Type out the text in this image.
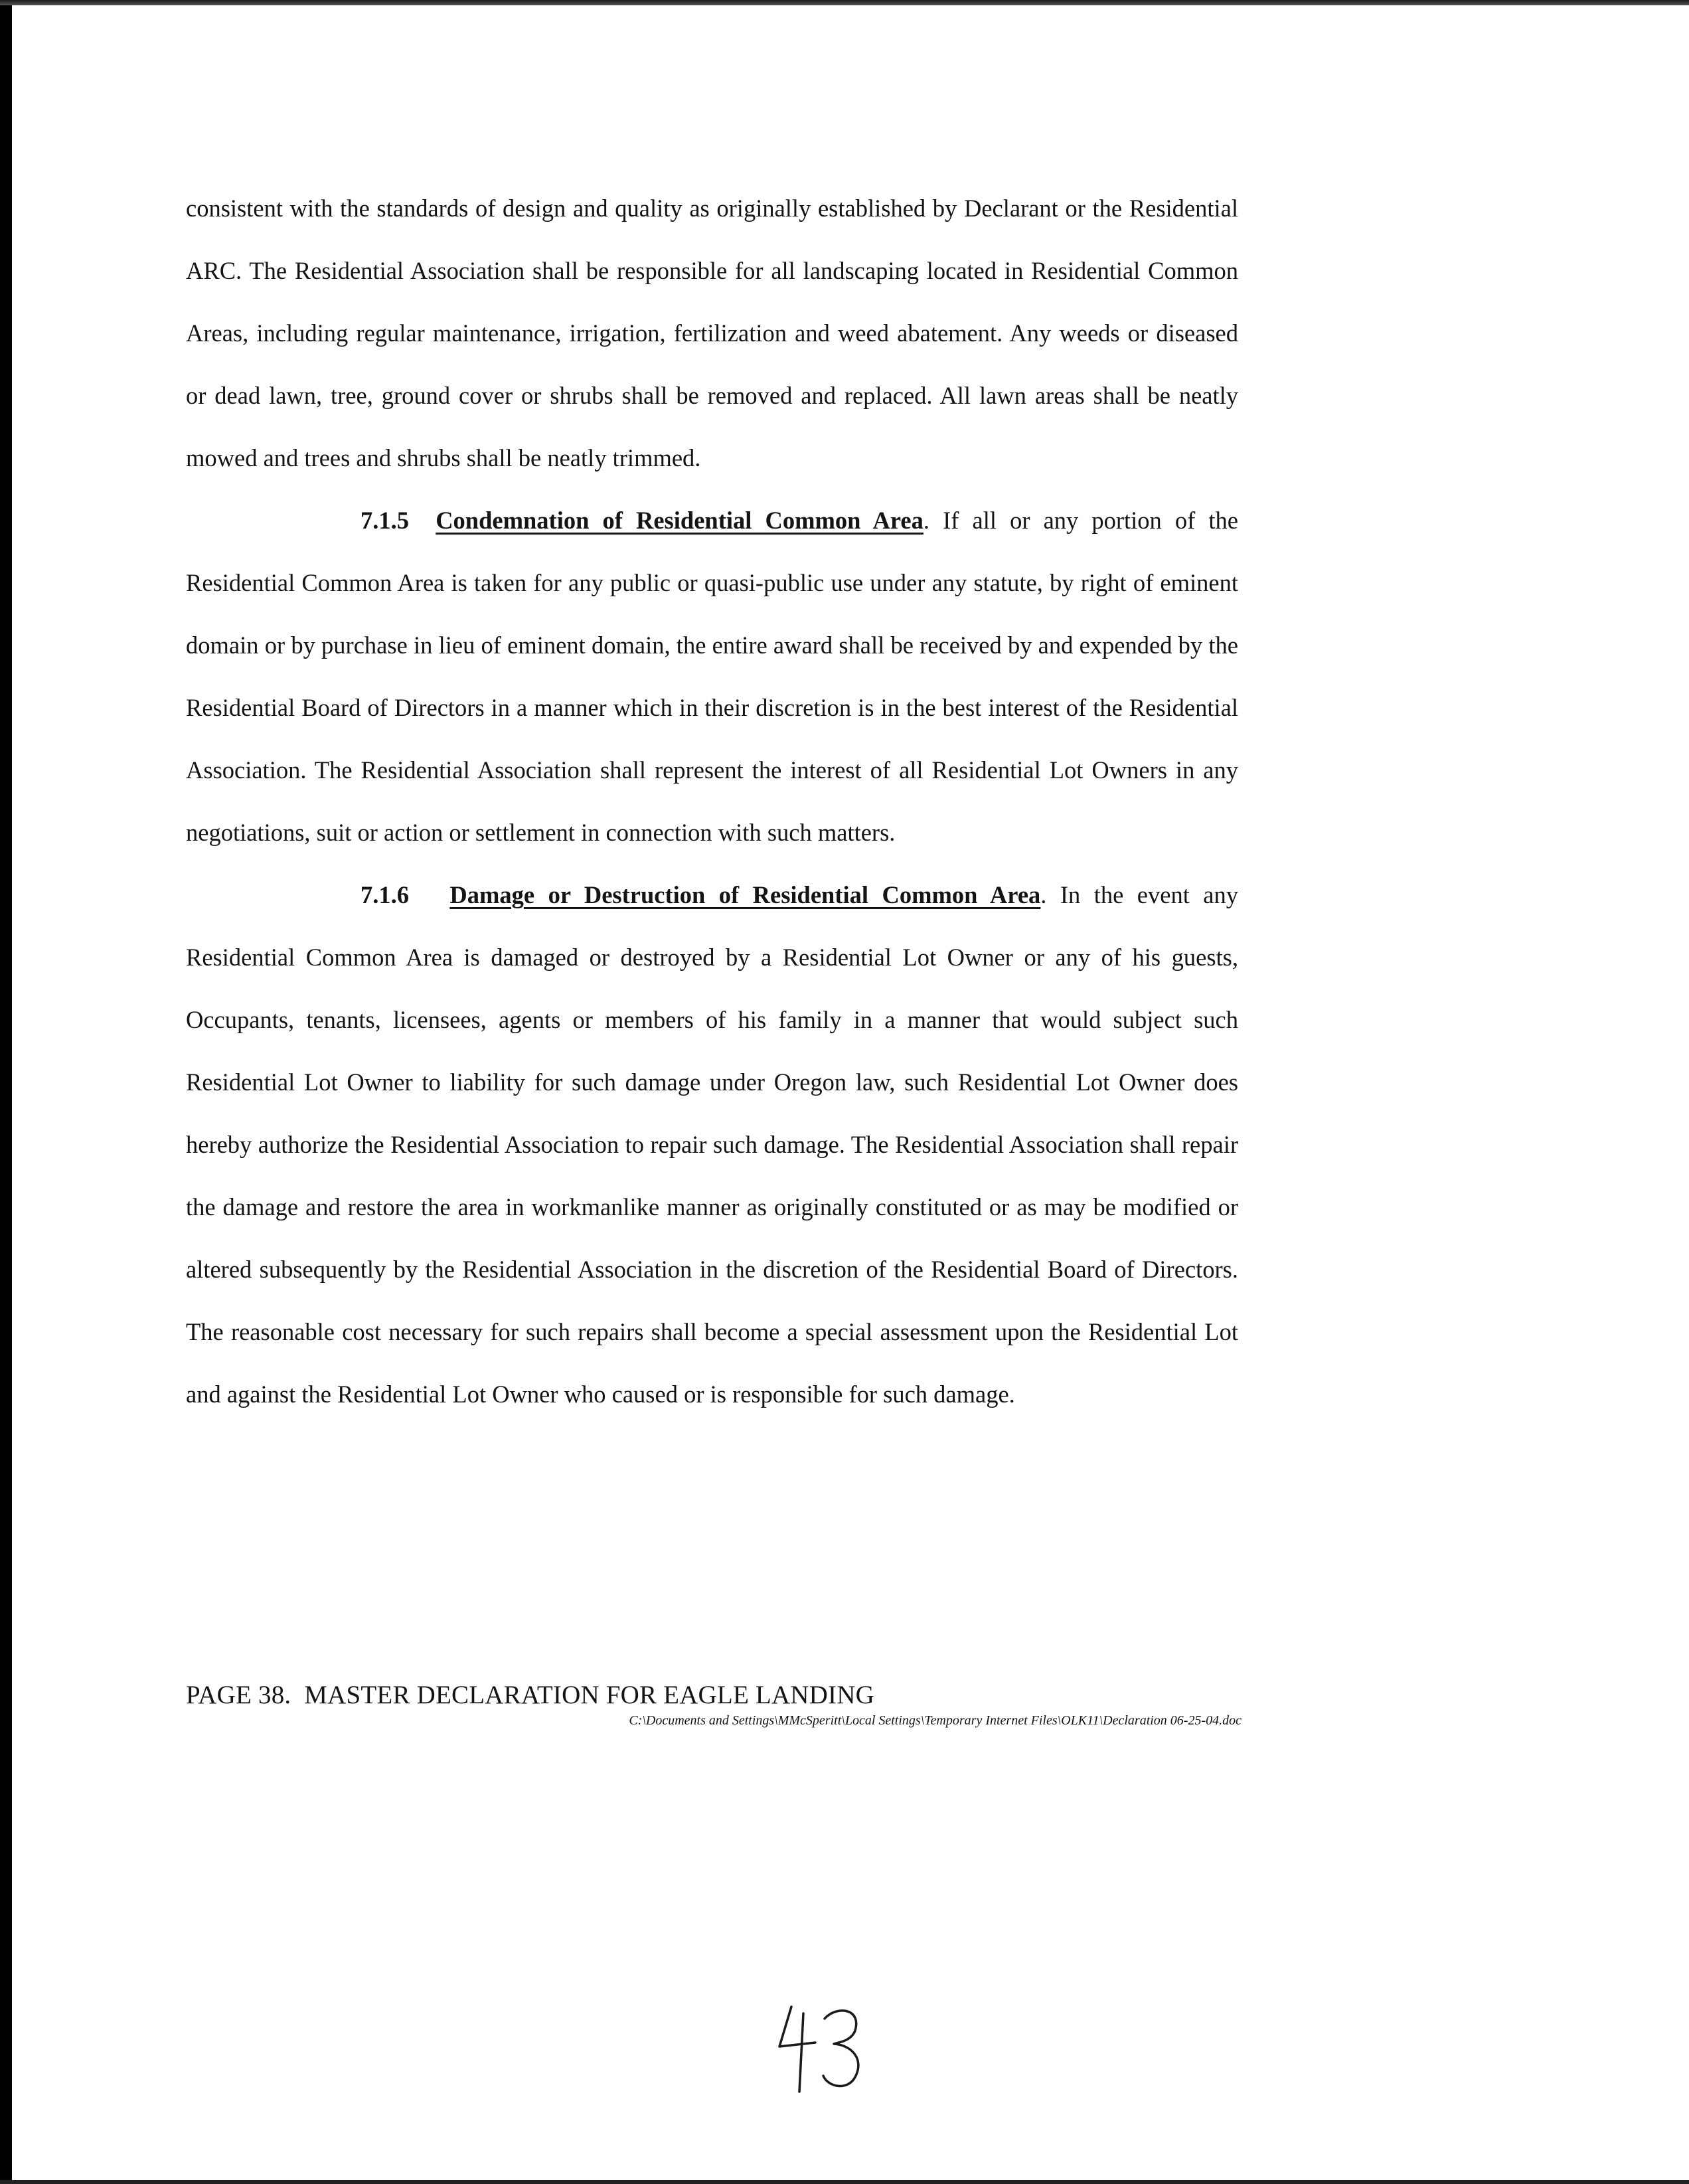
consistent with the standards of design and quality as originally established by Declarant or the Residential ARC. The Residential Association shall be responsible for all landscaping located in Residential Common Areas, including regular maintenance, irrigation, fertilization and weed abatement. Any weeds or diseased or dead lawn, tree, ground cover or shrubs shall be removed and replaced. All lawn areas shall be neatly mowed and trees and shrubs shall be neatly trimmed.

7.1.5 Condemnation of Residential Common Area. If all or any portion of the Residential Common Area is taken for any public or quasi-public use under any statute, by right of eminent domain or by purchase in lieu of eminent domain, the entire award shall be received by and expended by the Residential Board of Directors in a manner which in their discretion is in the best interest of the Residential Association. The Residential Association shall represent the interest of all Residential Lot Owners in any negotiations, suit or action or settlement in connection with such matters.

7.1.6 Damage or Destruction of Residential Common Area. In the event any Residential Common Area is damaged or destroyed by a Residential Lot Owner or any of his guests, Occupants, tenants, licensees, agents or members of his family in a manner that would subject such Residential Lot Owner to liability for such damage under Oregon law, such Residential Lot Owner does hereby authorize the Residential Association to repair such damage. The Residential Association shall repair the damage and restore the area in workmanlike manner as originally constituted or as may be modified or altered subsequently by the Residential Association in the discretion of the Residential Board of Directors. The reasonable cost necessary for such repairs shall become a special assessment upon the Residential Lot and against the Residential Lot Owner who caused or is responsible for such damage.

PAGE 38. MASTER DECLARATION FOR EAGLE LANDING
C:\Documents and Settings\MMcSperitt\Local Settings\Temporary Internet Files\OLK11\Declaration 06-25-04.doc
